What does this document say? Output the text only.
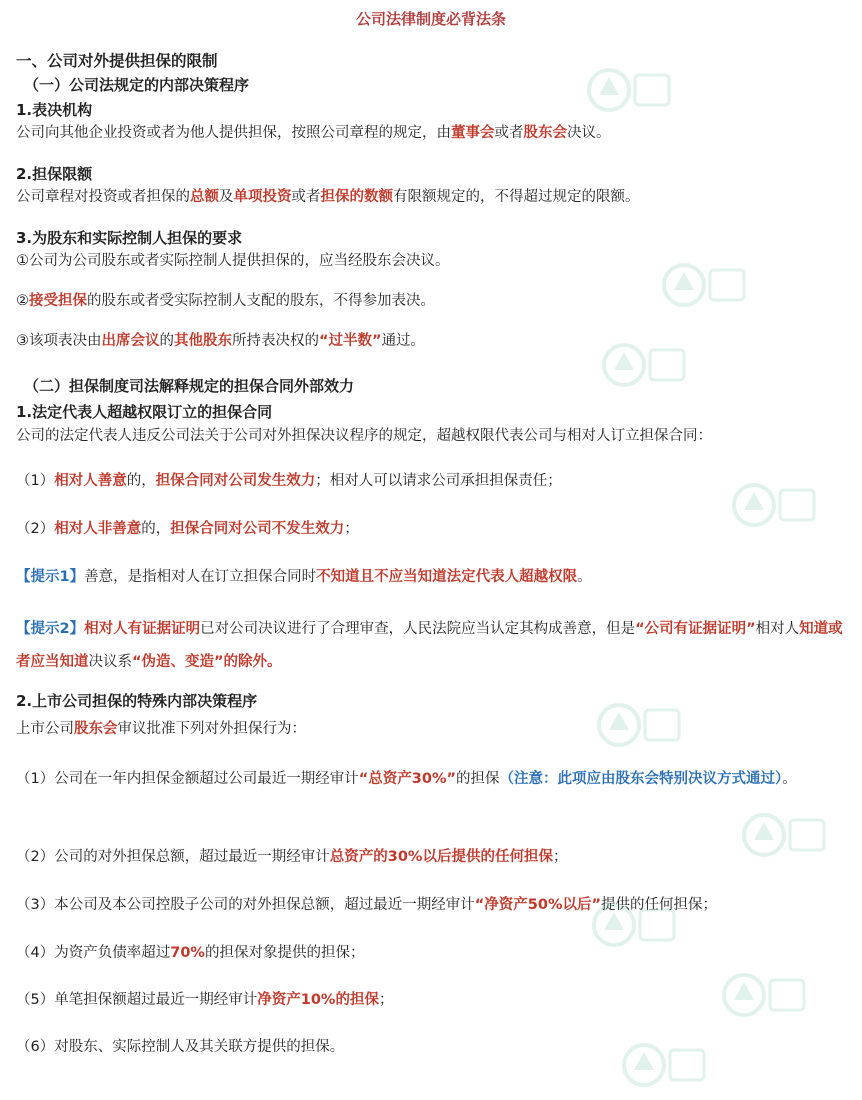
公司法律制度必背法条
一、公司对外提供担保的限制
（一）公司法规定的内部决策程序
1.表决机构
公司向其他企业投资或者为他人提供担保，按照公司章程的规定，由董事会或者股东会决议。
2.担保限额
公司章程对投资或者担保的总额及单项投资或者担保的数额有限额规定的，不得超过规定的限额。
3.为股东和实际控制人担保的要求
①公司为公司股东或者实际控制人提供担保的，应当经股东会决议。
②接受担保的股东或者受实际控制人支配的股东，不得参加表决。
③该项表决由出席会议的其他股东所持表决权的“过半数”通过。
（二）担保制度司法解释规定的担保合同外部效力
1.法定代表人超越权限订立的担保合同
公司的法定代表人违反公司法关于公司对外担保决议程序的规定，超越权限代表公司与相对人订立担保合同：
（1）相对人善意的，担保合同对公司发生效力；相对人可以请求公司承担担保责任；
（2）相对人非善意的，担保合同对公司不发生效力；
【提示1】善意，是指相对人在订立担保合同时不知道且不应当知道法定代表人超越权限。
【提示2】相对人有证据证明已对公司决议进行了合理审查，人民法院应当认定其构成善意，但是“公司有证据证明”相对人知道或者应当知道决议系“伪造、变造”的除外。
2.上市公司担保的特殊内部决策程序
上市公司股东会审议批准下列对外担保行为：
（1）公司在一年内担保金额超过公司最近一期经审计“总资产30%”的担保（注意：此项应由股东会特别决议方式通过）。
（2）公司的对外担保总额，超过最近一期经审计总资产的30%以后提供的任何担保；
（3）本公司及本公司控股子公司的对外担保总额，超过最近一期经审计“净资产50%以后”提供的任何担保；
（4）为资产负债率超过70%的担保对象提供的担保；
（5）单笔担保额超过最近一期经审计净资产10%的担保；
（6）对股东、实际控制人及其关联方提供的担保。
